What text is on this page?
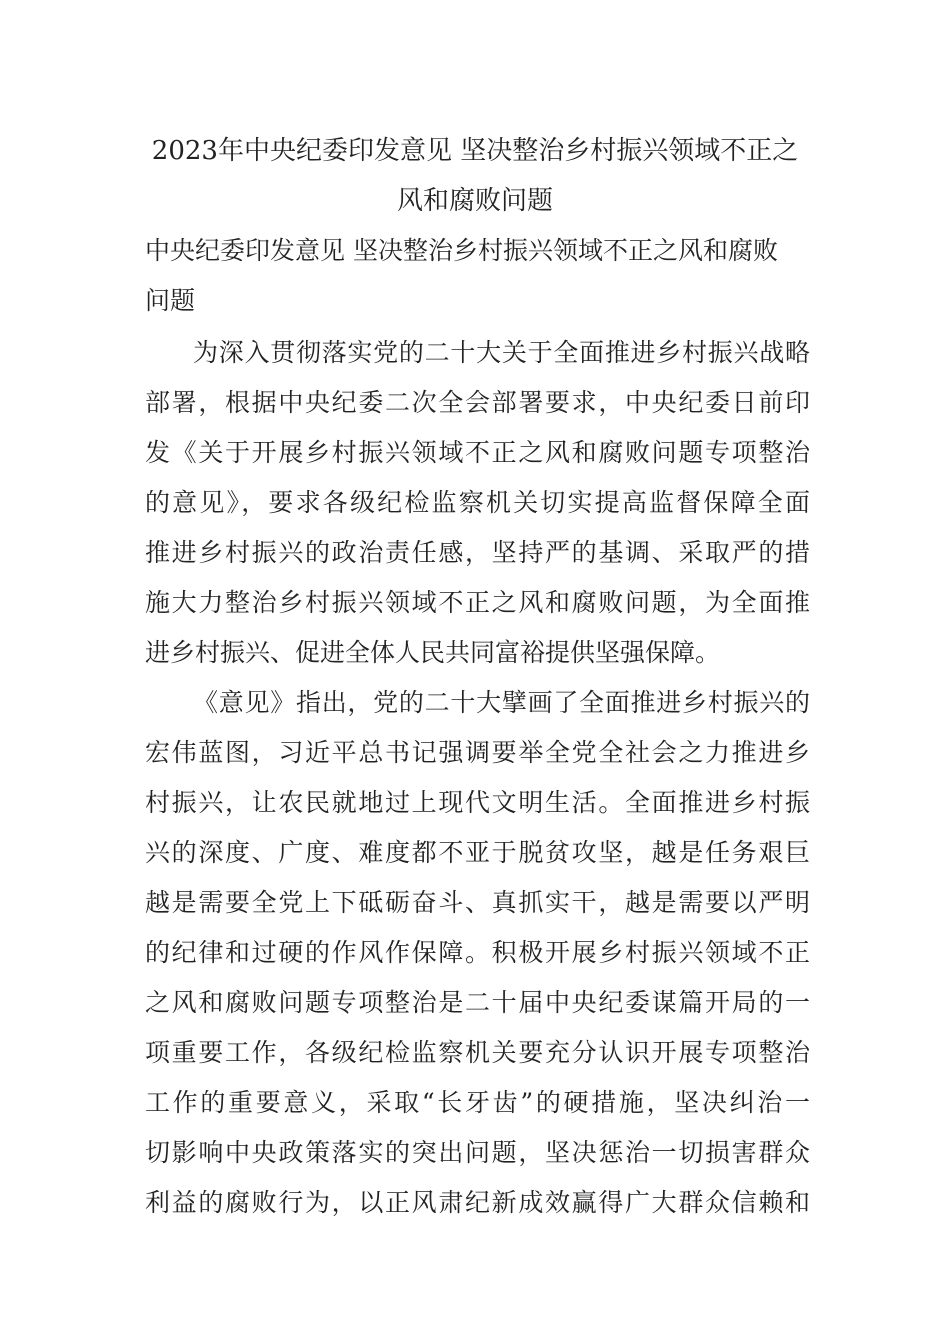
2023年中央纪委印发意见 坚决整治乡村振兴领域不正之
风和腐败问题
中央纪委印发意见 坚决整治乡村振兴领域不正之风和腐败
问题

为深入贯彻落实党的二十大关于全面推进乡村振兴战略

部署，根据中央纪委二次全会部署要求，中央纪委日前印

发《关于开展乡村振兴领域不正之风和腐败问题专项整治

的意见》，要求各级纪检监察机关切实提高监督保障全面

推进乡村振兴的政治责任感，坚持严的基调、采取严的措

施大力整治乡村振兴领域不正之风和腐败问题，为全面推

进乡村振兴、促进全体人民共同富裕提供坚强保障。

《意见》指出，党的二十大擘画了全面推进乡村振兴的

宏伟蓝图，习近平总书记强调要举全党全社会之力推进乡

村振兴，让农民就地过上现代文明生活。全面推进乡村振

兴的深度、广度、难度都不亚于脱贫攻坚，越是任务艰巨

越是需要全党上下砥砺奋斗、真抓实干，越是需要以严明

的纪律和过硬的作风作保障。积极开展乡村振兴领域不正

之风和腐败问题专项整治是二十届中央纪委谋篇开局的一

项重要工作，各级纪检监察机关要充分认识开展专项整治

工作的重要意义，采取“长牙齿”的硬措施，坚决纠治一

切影响中央政策落实的突出问题，坚决惩治一切损害群众

利益的腐败行为，以正风肃纪新成效赢得广大群众信赖和
